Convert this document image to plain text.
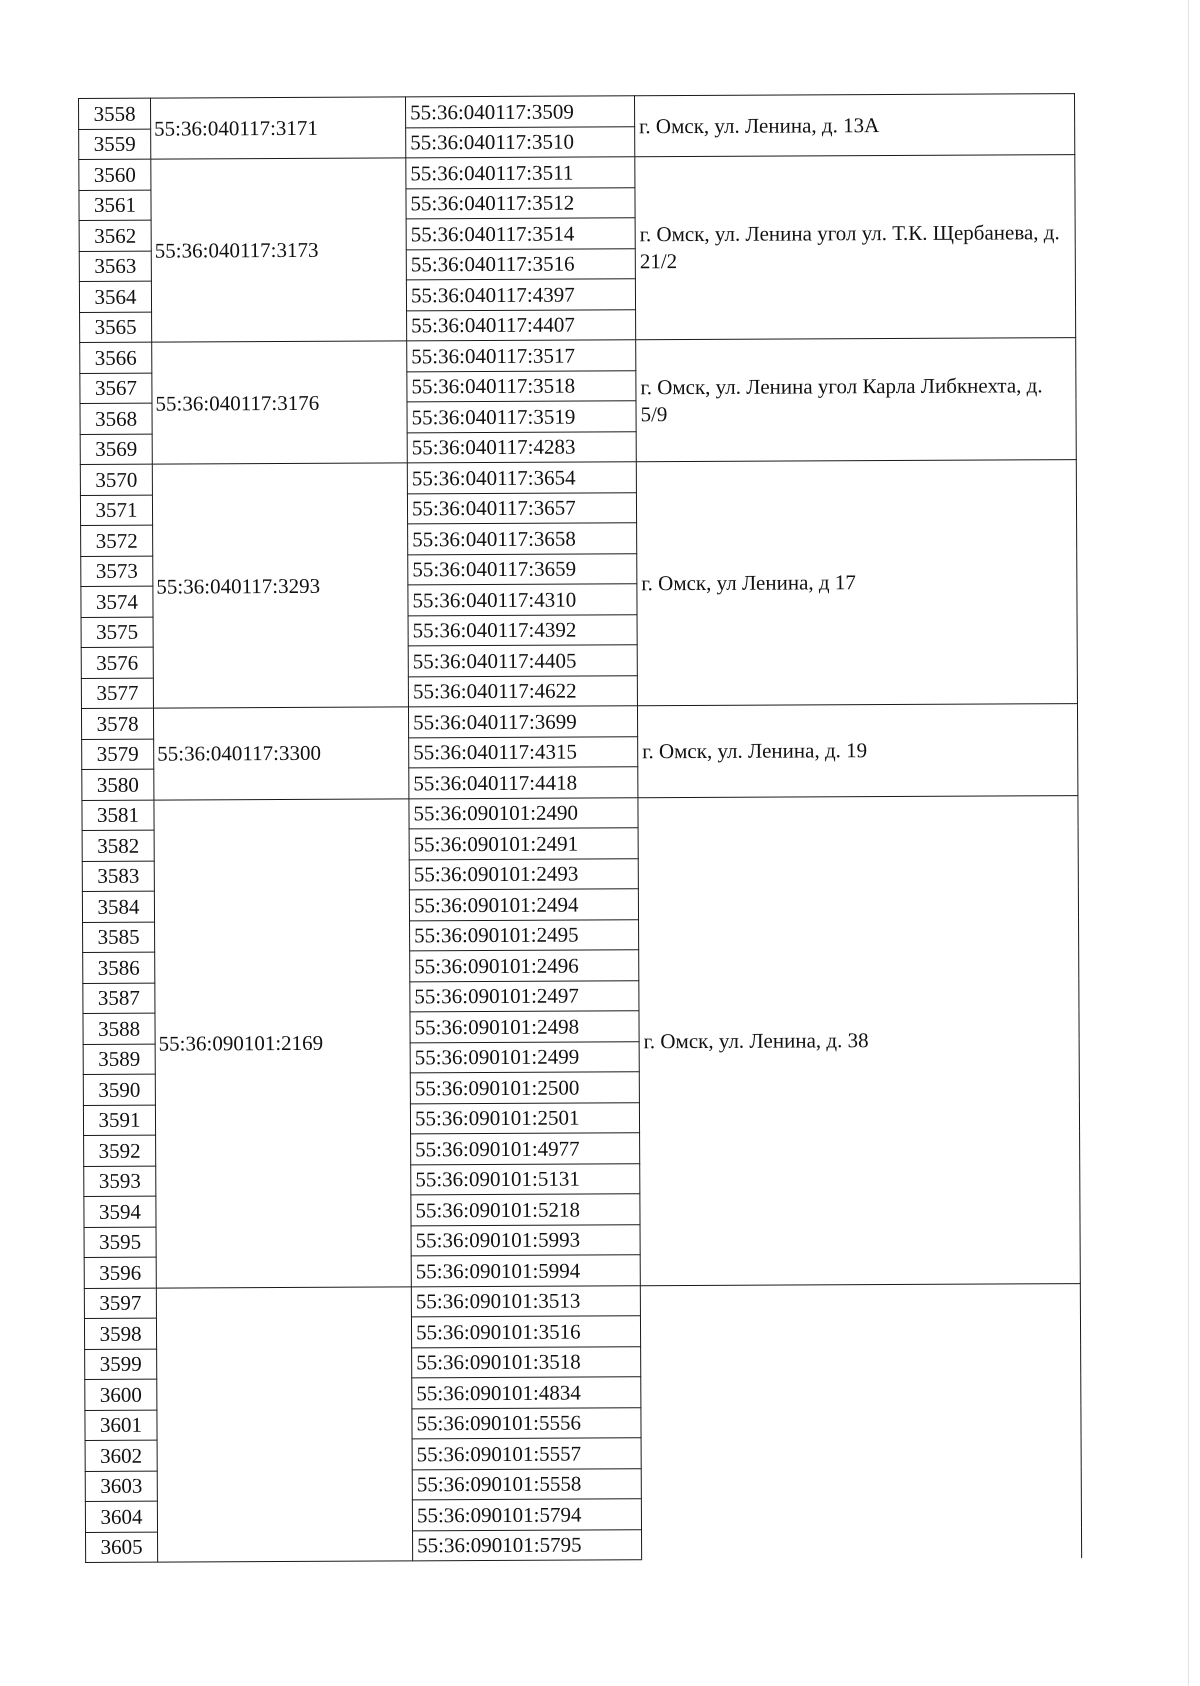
3558	55:36:040117:3171	55:36:040117:3509	г. Омск, ул. Ленина, д. 13А
3559		55:36:040117:3510	
3560	55:36:040117:3173	55:36:040117:3511	г. Омск, ул. Ленина угол ул. Т.К. Щербанева, д. 21/2
3561		55:36:040117:3512	
3562		55:36:040117:3514	
3563		55:36:040117:3516	
3564		55:36:040117:4397	
3565		55:36:040117:4407	
3566	55:36:040117:3176	55:36:040117:3517	г. Омск, ул. Ленина угол Карла Либкнехта, д. 5/9
3567		55:36:040117:3518	
3568		55:36:040117:3519	
3569		55:36:040117:4283	
3570	55:36:040117:3293	55:36:040117:3654	г. Омск, ул Ленина, д 17
3571		55:36:040117:3657	
3572		55:36:040117:3658	
3573		55:36:040117:3659	
3574		55:36:040117:4310	
3575		55:36:040117:4392	
3576		55:36:040117:4405	
3577		55:36:040117:4622	
3578	55:36:040117:3300	55:36:040117:3699	г. Омск, ул. Ленина, д. 19
3579		55:36:040117:4315	
3580		55:36:040117:4418	
3581	55:36:090101:2169	55:36:090101:2490	г. Омск, ул. Ленина, д. 38
3582		55:36:090101:2491	
3583		55:36:090101:2493	
3584		55:36:090101:2494	
3585		55:36:090101:2495	
3586		55:36:090101:2496	
3587		55:36:090101:2497	
3588		55:36:090101:2498	
3589		55:36:090101:2499	
3590		55:36:090101:2500	
3591		55:36:090101:2501	
3592		55:36:090101:4977	
3593		55:36:090101:5131	
3594		55:36:090101:5218	
3595		55:36:090101:5993	
3596		55:36:090101:5994	
3597		55:36:090101:3513	
3598		55:36:090101:3516	
3599		55:36:090101:3518	
3600		55:36:090101:4834	
3601		55:36:090101:5556	
3602		55:36:090101:5557	
3603		55:36:090101:5558	
3604		55:36:090101:5794	
3605		55:36:090101:5795	
